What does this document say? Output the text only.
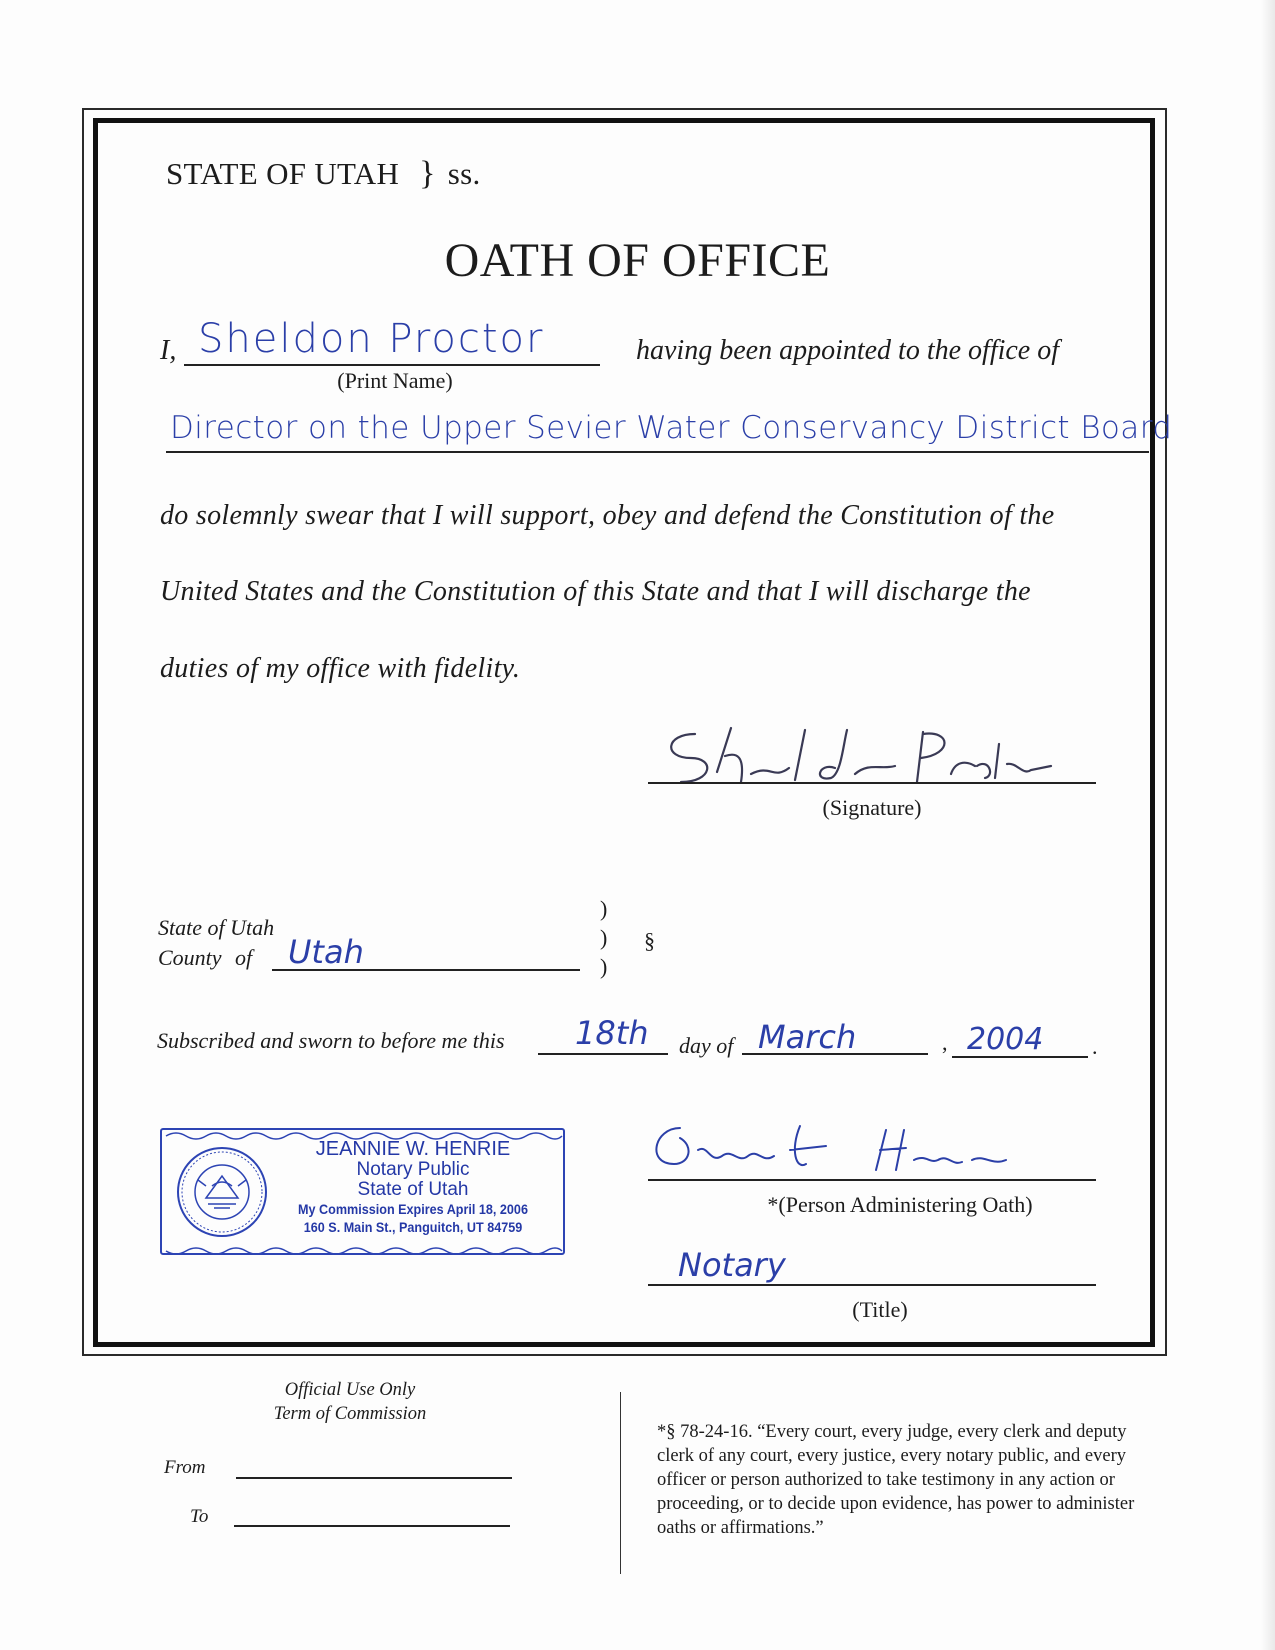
STATE OF UTAH } ss.
OATH OF OFFICE
I, Sheldon Proctor
(Print Name)
having been appointed to the office of
Director on the Upper Sevier Water Conservancy District Board
do solemnly swear that I will support, obey and defend the Constitution of the
United States and the Constitution of this State and that I will discharge the
duties of my office with fidelity.
(Signature)
State of Utah
County of Utah
)
)
)
§
Subscribed and sworn to before me this 18th day of March	, 2004 .
JEANNIE W. HENRIE
Notary Public
State of Utah
My Commission Expires April 18, 2006
160 S. Main St., Panguitch, UT 84759
*(Person Administering Oath)
Notary
(Title)
Official Use Only
Term of Commission
From
To
*§ 78-24-16. “Every court, every judge, every clerk and deputy clerk of any court, every justice, every notary public, and every officer or person authorized to take testimony in any action or proceeding, or to decide upon evidence, has power to administer oaths or affirmations.”
